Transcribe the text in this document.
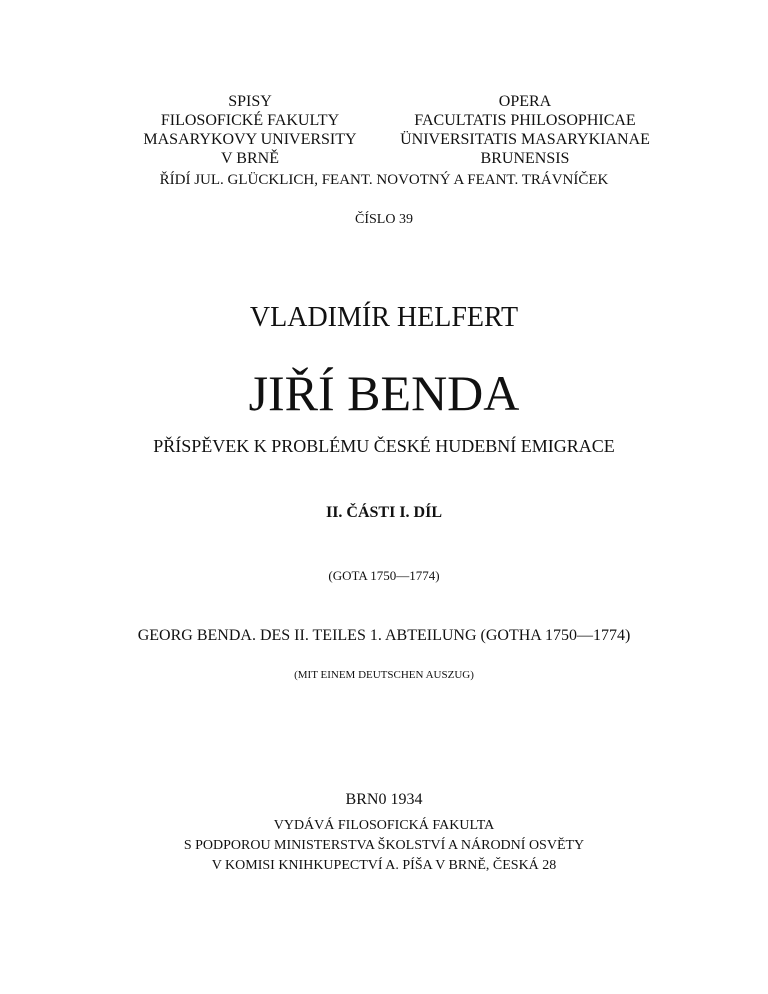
SPISY
FILOSOFICKÉ FAKULTY
MASARYKOVY UNIVERSITY
V BRNĚ
OPERA
FACULTATIS PHILOSOPHICAE
ÜNIVERSITATIS MASARYKIANAE
BRUNENSIS
ŘÍDÍ JUL. GLÜCKLICH, FEANT. NOVOTNÝ A FEANT. TRÁVNÍČEK
ČÍSLO 39
VLADIMÍR HELFERT
JIŘÍ BENDA
PŘÍSPĚVEK K PROBLÉMU ČESKÉ HUDEBNÍ EMIGRACE
II. ČÁSTI I. DÍL
(GOTA 1750—1774)
GEORG BENDA. DES II. TEILES 1. ABTEILUNG (GOTHA 1750—1774)
(MIT EINEM DEUTSCHEN AUSZUG)
BRN0 1934
VYDÁVÁ FILOSOFICKÁ FAKULTA
S PODPOROU MINISTERSTVA ŠKOLSTVÍ A NÁRODNÍ OSVĚTY
V KOMISI KNIHKUPECTVÍ A. PÍŠA V BRNĚ, ČESKÁ 28
